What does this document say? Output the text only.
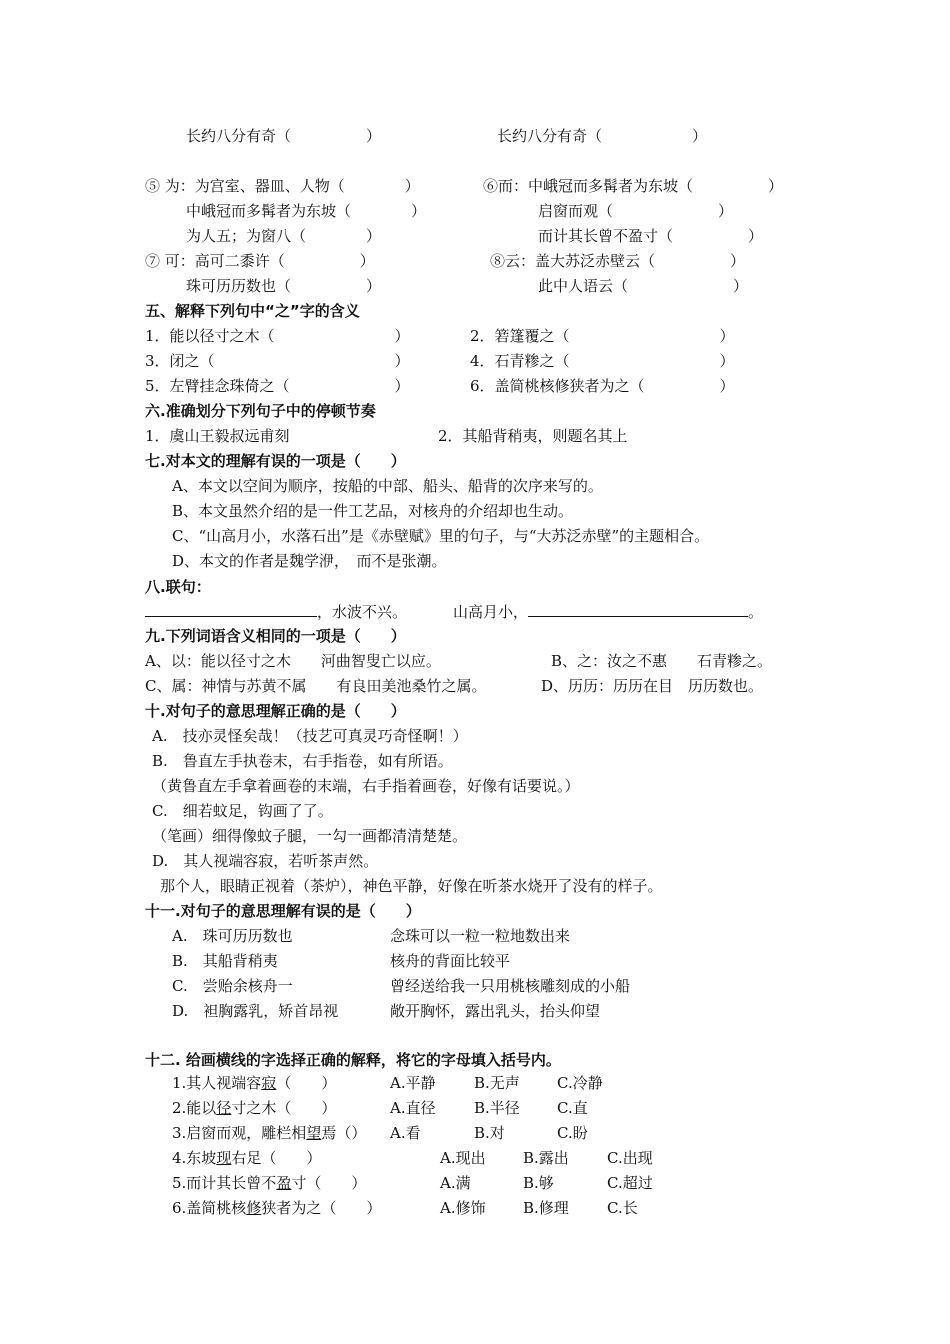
长约八分有奇（　　　　　）	长约八分有奇（　　　　　　）
⑤ 为：为宫室、器皿、人物（　　　　）	⑥而：中峨冠而多髯者为东坡（　　　　　）
中峨冠而多髯者为东坡（　　　　）	启窗而观（　　　　　　　）
为人五；为窗八（　　　　）	而计其长曾不盈寸（　　　　　）
⑦ 可：高可二黍许（　　　　　）	⑧云：盖大苏泛赤壁云（　　　　　）
珠可历历数也（　　　　　）	此中人语云（　　　　　　　）
五、解释下列句中“之”字的含义
1．能以径寸之木（　　　　　　　　）	2．箬篷覆之（　　　　　　　　　　）
3．闭之（　　　　　　　　　　　　）	4．石青糁之（　　　　　　　　　　）
5．左臂挂念珠倚之（　　　　　　　）	6．盖简桃核修狭者为之（　　　　　）
六.准确划分下列句子中的停顿节奏
1．虞山王毅叔远甫刻	2．其船背稍夷，则题名其上
七.对本文的理解有误的一项是（　　）
A、本文以空间为顺序，按船的中部、船头、船背的次序来写的。
B、本文虽然介绍的是一件工艺品，对核舟的介绍却也生动。
C、“山高月小，水落石出”是《赤壁赋》里的句子，与“大苏泛赤壁”的主题相合。
D、本文的作者是魏学洢，　而不是张潮。
八.联句：
，水波不兴。	山高月小，	。
九.下列词语含义相同的一项是（　　）
A、以：能以径寸之木　　河曲智叟亡以应。	B、之：汝之不惠　　石青糁之。
C、属：神情与苏黄不属　　有良田美池桑竹之属。	D、历历：历历在目　历历数也。
十.对句子的意思理解正确的是（　　）
A.　技亦灵怪矣哉！（技艺可真灵巧奇怪啊！）
B.　鲁直左手执卷末，右手指卷，如有所语。
（黄鲁直左手拿着画卷的末端，右手指着画卷，好像有话要说。）
C.　细若蚊足，钩画了了。
（笔画）细得像蚊子腿，一勾一画都清清楚楚。
D.　其人视端容寂，若听茶声然。
那个人，眼睛正视着（茶炉），神色平静，好像在听茶水烧开了没有的样子。
十一.对句子的意思理解有误的是（　　）
A.　珠可历历数也	念珠可以一粒一粒地数出来
B.　其船背稍夷	核舟的背面比较平
C.　尝贻余核舟一	曾经送给我一只用桃核雕刻成的小船
D.　袒胸露乳，矫首昂视	敞开胸怀，露出乳头，抬头仰望
十二. 给画横线的字选择正确的解释，将它的字母填入括号内。
1.其人视端容寂（　　）	A.平静	B.无声 C.冷静
2.能以径寸之木（　　）	A.直径	B.半径 C.直
3.启窗而观，雕栏相望焉（） A.看	B.对	C.盼
4.东坡现右足（　　）	A.现出 B.露出	C.出现
5.而计其长曾不盈寸（　　）	A.满	B.够	C.超过
6.盖简桃核修狭者为之（　　）	A.修饰 B.修理	C.长
